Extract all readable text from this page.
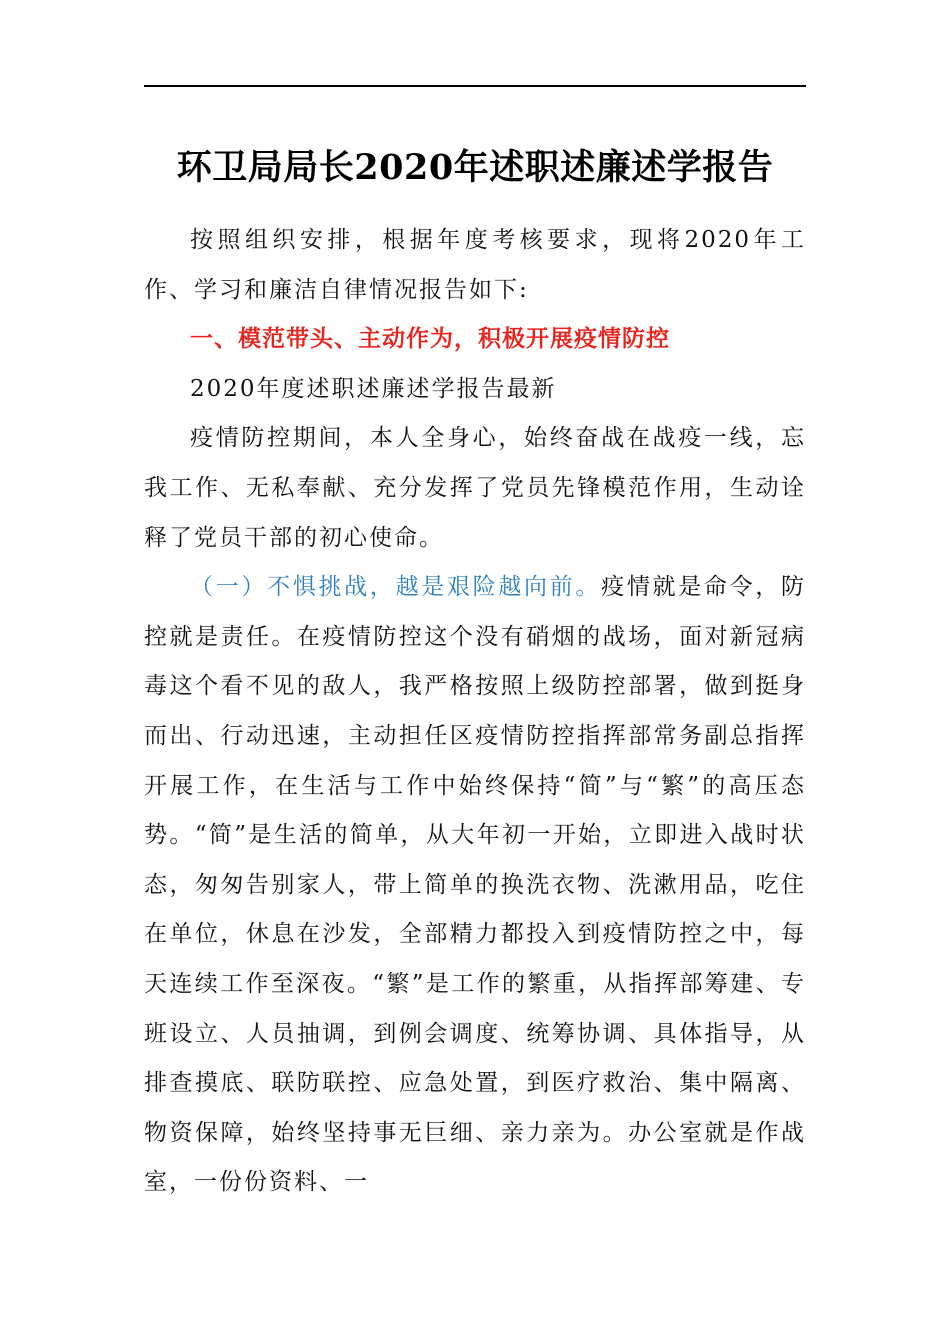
环卫局局长2020年述职述廉述学报告

按照组织安排，根据年度考核要求，现将2020年工作、学习和廉洁自律情况报告如下:

一、模范带头、主动作为，积极开展疫情防控

2020年度述职述廉述学报告最新

疫情防控期间，本人全身心，始终奋战在战疫一线，忘我工作、无私奉献、充分发挥了党员先锋模范作用，生动诠释了党员干部的初心使命。

（一）不惧挑战，越是艰险越向前。疫情就是命令，防控就是责任。在疫情防控这个没有硝烟的战场，面对新冠病毒这个看不见的敌人，我严格按照上级防控部署，做到挺身而出、行动迅速，主动担任区疫情防控指挥部常务副总指挥开展工作，在生活与工作中始终保持“简”与“繁”的高压态势。“简”是生活的简单，从大年初一开始，立即进入战时状态，匆匆告别家人，带上简单的换洗衣物、洗漱用品，吃住在单位，休息在沙发，全部精力都投入到疫情防控之中，每天连续工作至深夜。“繁”是工作的繁重，从指挥部筹建、专班设立、人员抽调，到例会调度、统筹协调、具体指导，从排查摸底、联防联控、应急处置，到医疗救治、集中隔离、物资保障，始终坚持事无巨细、亲力亲为。办公室就是作战室，一份份资料、一
